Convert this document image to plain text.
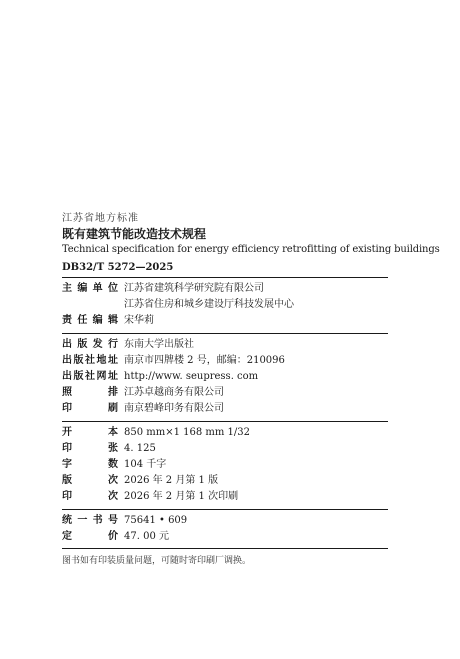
江苏省地方标准
既有建筑节能改造技术规程
Technical specification for energy efficiency retrofitting of existing buildings
DB32/T 5272—2025
主编单位 江苏省建筑科学研究院有限公司
江苏省住房和城乡建设厅科技发展中心
责任编辑 宋华莉
出版发行 东南大学出版社
出版社地址 南京市四牌楼 2 号，邮编：210096
出版社网址 http://www. seupress. com
照排 江苏卓越商务有限公司
印刷 南京碧峰印务有限公司
开本 850 mm×1 168 mm 1/32
印张 4. 125
字数 104 千字
版次 2026 年 2 月第 1 版
印次 2026 年 2 月第 1 次印刷
统一书号 75641 • 609
定价 47. 00 元
图书如有印装质量问题，可随时寄印刷厂调换。
